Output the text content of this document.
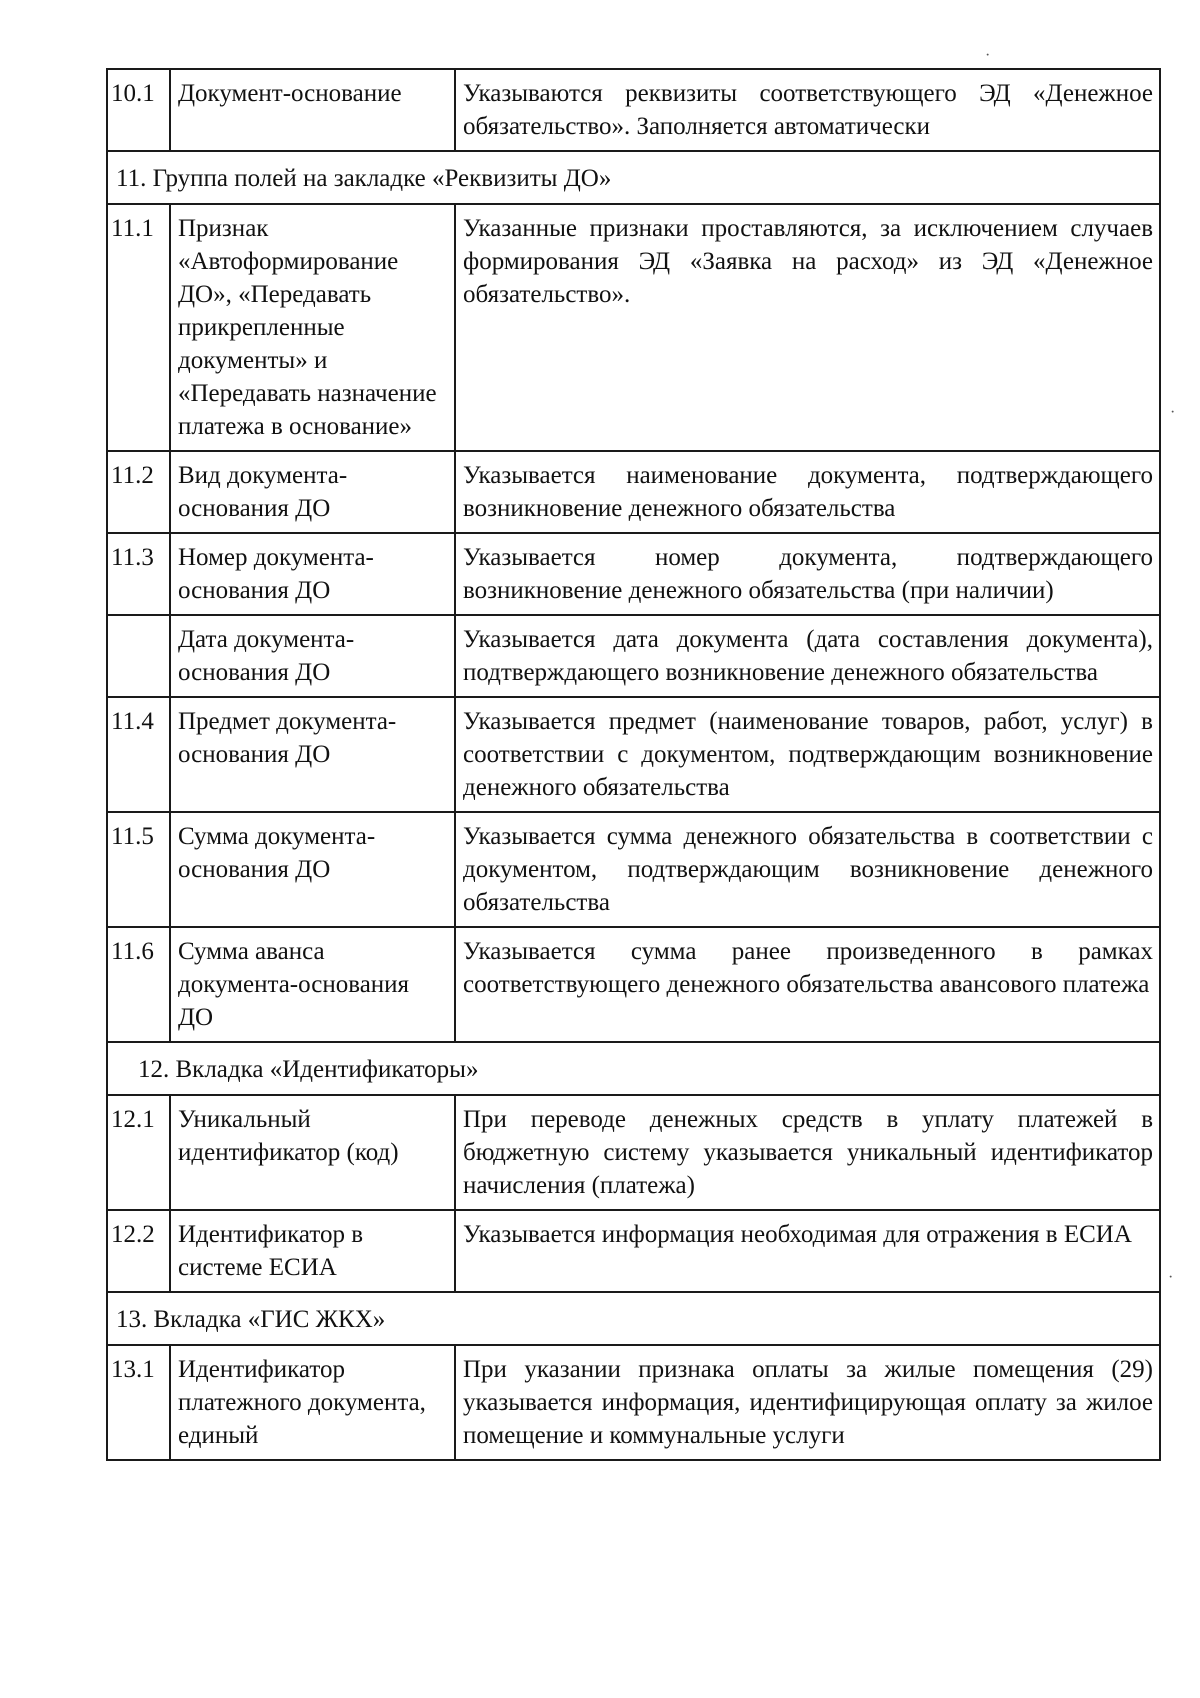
10.1	Документ-основание	Указываются реквизиты соответствующего ЭД «Денежное обязательство». Заполняется автоматически
11. Группа полей на закладке «Реквизиты ДО»		
11.1	Признак «Автоформирование ДО», «Передавать прикрепленные документы» и «Передавать назначение платежа в основание»	Указанные признаки проставляются, за исключением случаев формирования ЭД «Заявка на расход» из ЭД «Денежное обязательство».
11.2	Вид документа-основания ДО	Указывается наименование документа, подтверждающего возникновение денежного обязательства
11.3	Номер документа-основания ДО	Указывается номер документа, подтверждающего возникновение денежного обязательства (при наличии)
	Дата документа-основания ДО	Указывается дата документа (дата составления документа), подтверждающего возникновение денежного обязательства
11.4	Предмет документа-основания ДО	Указывается предмет (наименование товаров, работ, услуг) в соответствии с документом, подтверждающим возникновение денежного обязательства
11.5	Сумма документа-основания ДО	Указывается сумма денежного обязательства в соответствии с документом, подтверждающим возникновение денежного обязательства
11.6	Сумма аванса документа-основания ДО	Указывается сумма ранее произведенного в рамках соответствующего денежного обязательства авансового платежа
12. Вкладка «Идентификаторы»		
12.1	Уникальный идентификатор (код)	При переводе денежных средств в уплату платежей в бюджетную систему указывается уникальный идентификатор начисления (платежа)
12.2	Идентификатор в системе ЕСИА	Указывается информация необходимая для отражения в ЕСИА
13. Вкладка «ГИС ЖКХ»		
13.1	Идентификатор платежного документа, единый	При указании признака оплаты за жилые помещения (29) указывается информация, идентифицирующая оплату за жилое помещение и коммунальные услуги
·
·
·
